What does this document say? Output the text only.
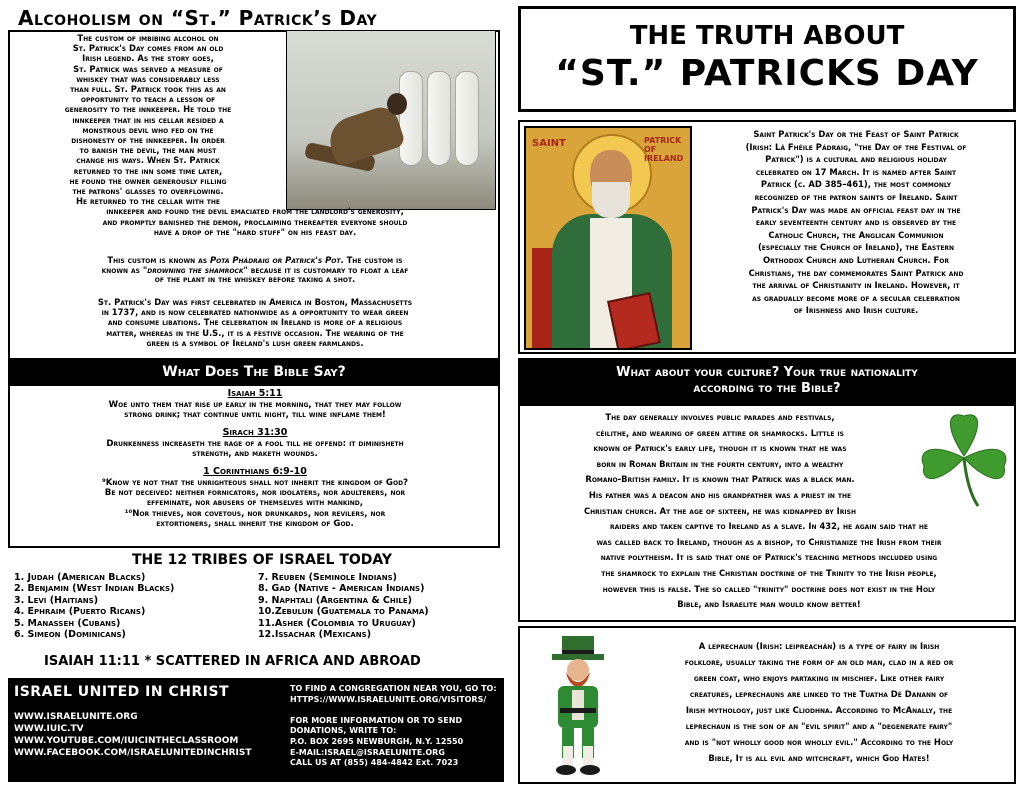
Alcoholism on “St.” Patrick’s Day
The custom of imbibing alcohol on
St. Patrick's Day comes from an old
Irish legend. As the story goes,
St. Patrick was served a measure of
whiskey that was considerably less
than full. St. Patrick took this as an
opportunity to teach a lesson of
generosity to the innkeeper. He told the
innkeeper that in his cellar resided a
monstrous devil who fed on the
dishonesty of the innkeeper. In order
to banish the devil, the man must
change his ways. When St. Patrick
returned to the inn some time later,
he found the owner generously filling
the patrons' glasses to overflowing.
He returned to the cellar with the
innkeeper and found the devil emaciated from the landlord's generosity,
and promptly banished the demon, proclaiming thereafter everyone should
have a drop of the "hard stuff" on his feast day.
This custom is known as Pota Phádraig or Patrick's Pot. The custom is
known as "drowning the shamrock" because it is customary to float a leaf
of the plant in the whiskey before taking a shot.
St. Patrick's Day was first celebrated in America in Boston, Massachusetts
in 1737, and is now celebrated nationwide as a opportunity to wear green
and consume libations. The celebration in Ireland is more of a religious
matter, whereas in the U.S., it is a festive occasion. The wearing of the
green is a symbol of Ireland's lush green farmlands.
What Does The Bible Say?
Isaiah 5:11
Woe unto them that rise up early in the morning, that they may follow
strong drink; that continue until night, till wine inflame them!
Sirach 31:30
Drunkenness increaseth the rage of a fool till he offend: it diminisheth
strength, and maketh wounds.
1 Corinthians 6:9-10
⁹Know ye not that the unrighteous shall not inherit the kingdom of God?
Be not deceived: neither fornicators, nor idolaters, nor adulterers, nor
effeminate, nor abusers of themselves with mankind,
¹⁰Nor thieves, nor covetous, nor drunkards, nor revilers, nor
extortioners, shall inherit the kingdom of God.
THE 12 TRIBES OF ISRAEL TODAY
1. Judah (American Blacks)
2. Benjamin (West Indian Blacks)
3. Levi (Haitians)
4. Ephraim (Puerto Ricans)
5. Manasseh (Cubans)
6. Simeon (Dominicans)
7. Reuben (Seminole Indians)
8. Gad (Native - American Indians)
9. Naphtali (Argentina & Chile)
10.Zebulun (Guatemala to Panama)
11.Asher (Colombia to Uruguay)
12.Issachar (Mexicans)
ISAIAH 11:11 * SCATTERED IN AFRICA AND ABROAD
ISRAEL UNITED IN CHRIST
WWW.ISRAELUNITE.ORG
WWW.IUIC.TV
WWW.YOUTUBE.COM/IUICINTHECLASSROOM
WWW.FACEBOOK.COM/ISRAELUNITEDINCHRIST
TO FIND A CONGREGATION NEAR YOU, GO TO:
HTTPS://WWW.ISRAELUNITE.ORG/VISITORS/
FOR MORE INFORMATION OR TO SEND
DONATIONS, WRITE TO:
P.O. BOX 2695 NEWBURGH, N.Y. 12550
E-MAIL:ISRAEL@ISRAELUNITE.ORG
CALL US AT (855) 484-4842 Ext. 7023
THE TRUTH ABOUT
“ST.” PATRICKS DAY
SAINT	PATRICK OF IRELAND
Saint Patrick's Day or the Feast of Saint Patrick
(Irish: Lá Fhéile Pádraig, "the Day of the Festival of
Patrick") is a cultural and religious holiday
celebrated on 17 March. It is named after Saint
Patrick (c. AD 385–461), the most commonly
recognized of the patron saints of Ireland. Saint
Patrick's Day was made an official feast day in the
early seventeenth century and is observed by the
Catholic Church, the Anglican Communion
(especially the Church of Ireland), the Eastern
Orthodox Church and Lutheran Church. For
Christians, the day commemorates Saint Patrick and
the arrival of Christianity in Ireland. However, it
as gradually become more of a secular celebration
of Irishness and Irish culture.
What about your culture? Your true nationality
according to the Bible?
The day generally involves public parades and festivals,
céilithe, and wearing of green attire or shamrocks. Little is
known of Patrick's early life, though it is known that he was
born in Roman Britain in the fourth century, into a wealthy
Romano-British family. It is known that Patrick was a black man.
His father was a deacon and his grandfather was a priest in the
Christian church. At the age of sixteen, he was kidnapped by Irish
raiders and taken captive to Ireland as a slave. In 432, he again said that he
was called back to Ireland, though as a bishop, to Christianize the Irish from their
native polytheism. It is said that one of Patrick's teaching methods included using
the shamrock to explain the Christian doctrine of the Trinity to the Irish people,
however this is false. The so called "trinity" doctrine does not exist in the Holy
Bible, and Israelite man would know better!
A leprechaun (Irish: leipreachán) is a type of fairy in Irish
folklore, usually taking the form of an old man, clad in a red or
green coat, who enjoys partaking in mischief. Like other fairy
creatures, leprechauns are linked to the Tuatha Dé Danann of
Irish mythology, just like Cliodhna. According to McAnally, the
leprechaun is the son of an "evil spirit" and a "degenerate fairy"
and is "not wholly good nor wholly evil." According to the Holy
Bible, It is all evil and witchcraft, which God Hates!
